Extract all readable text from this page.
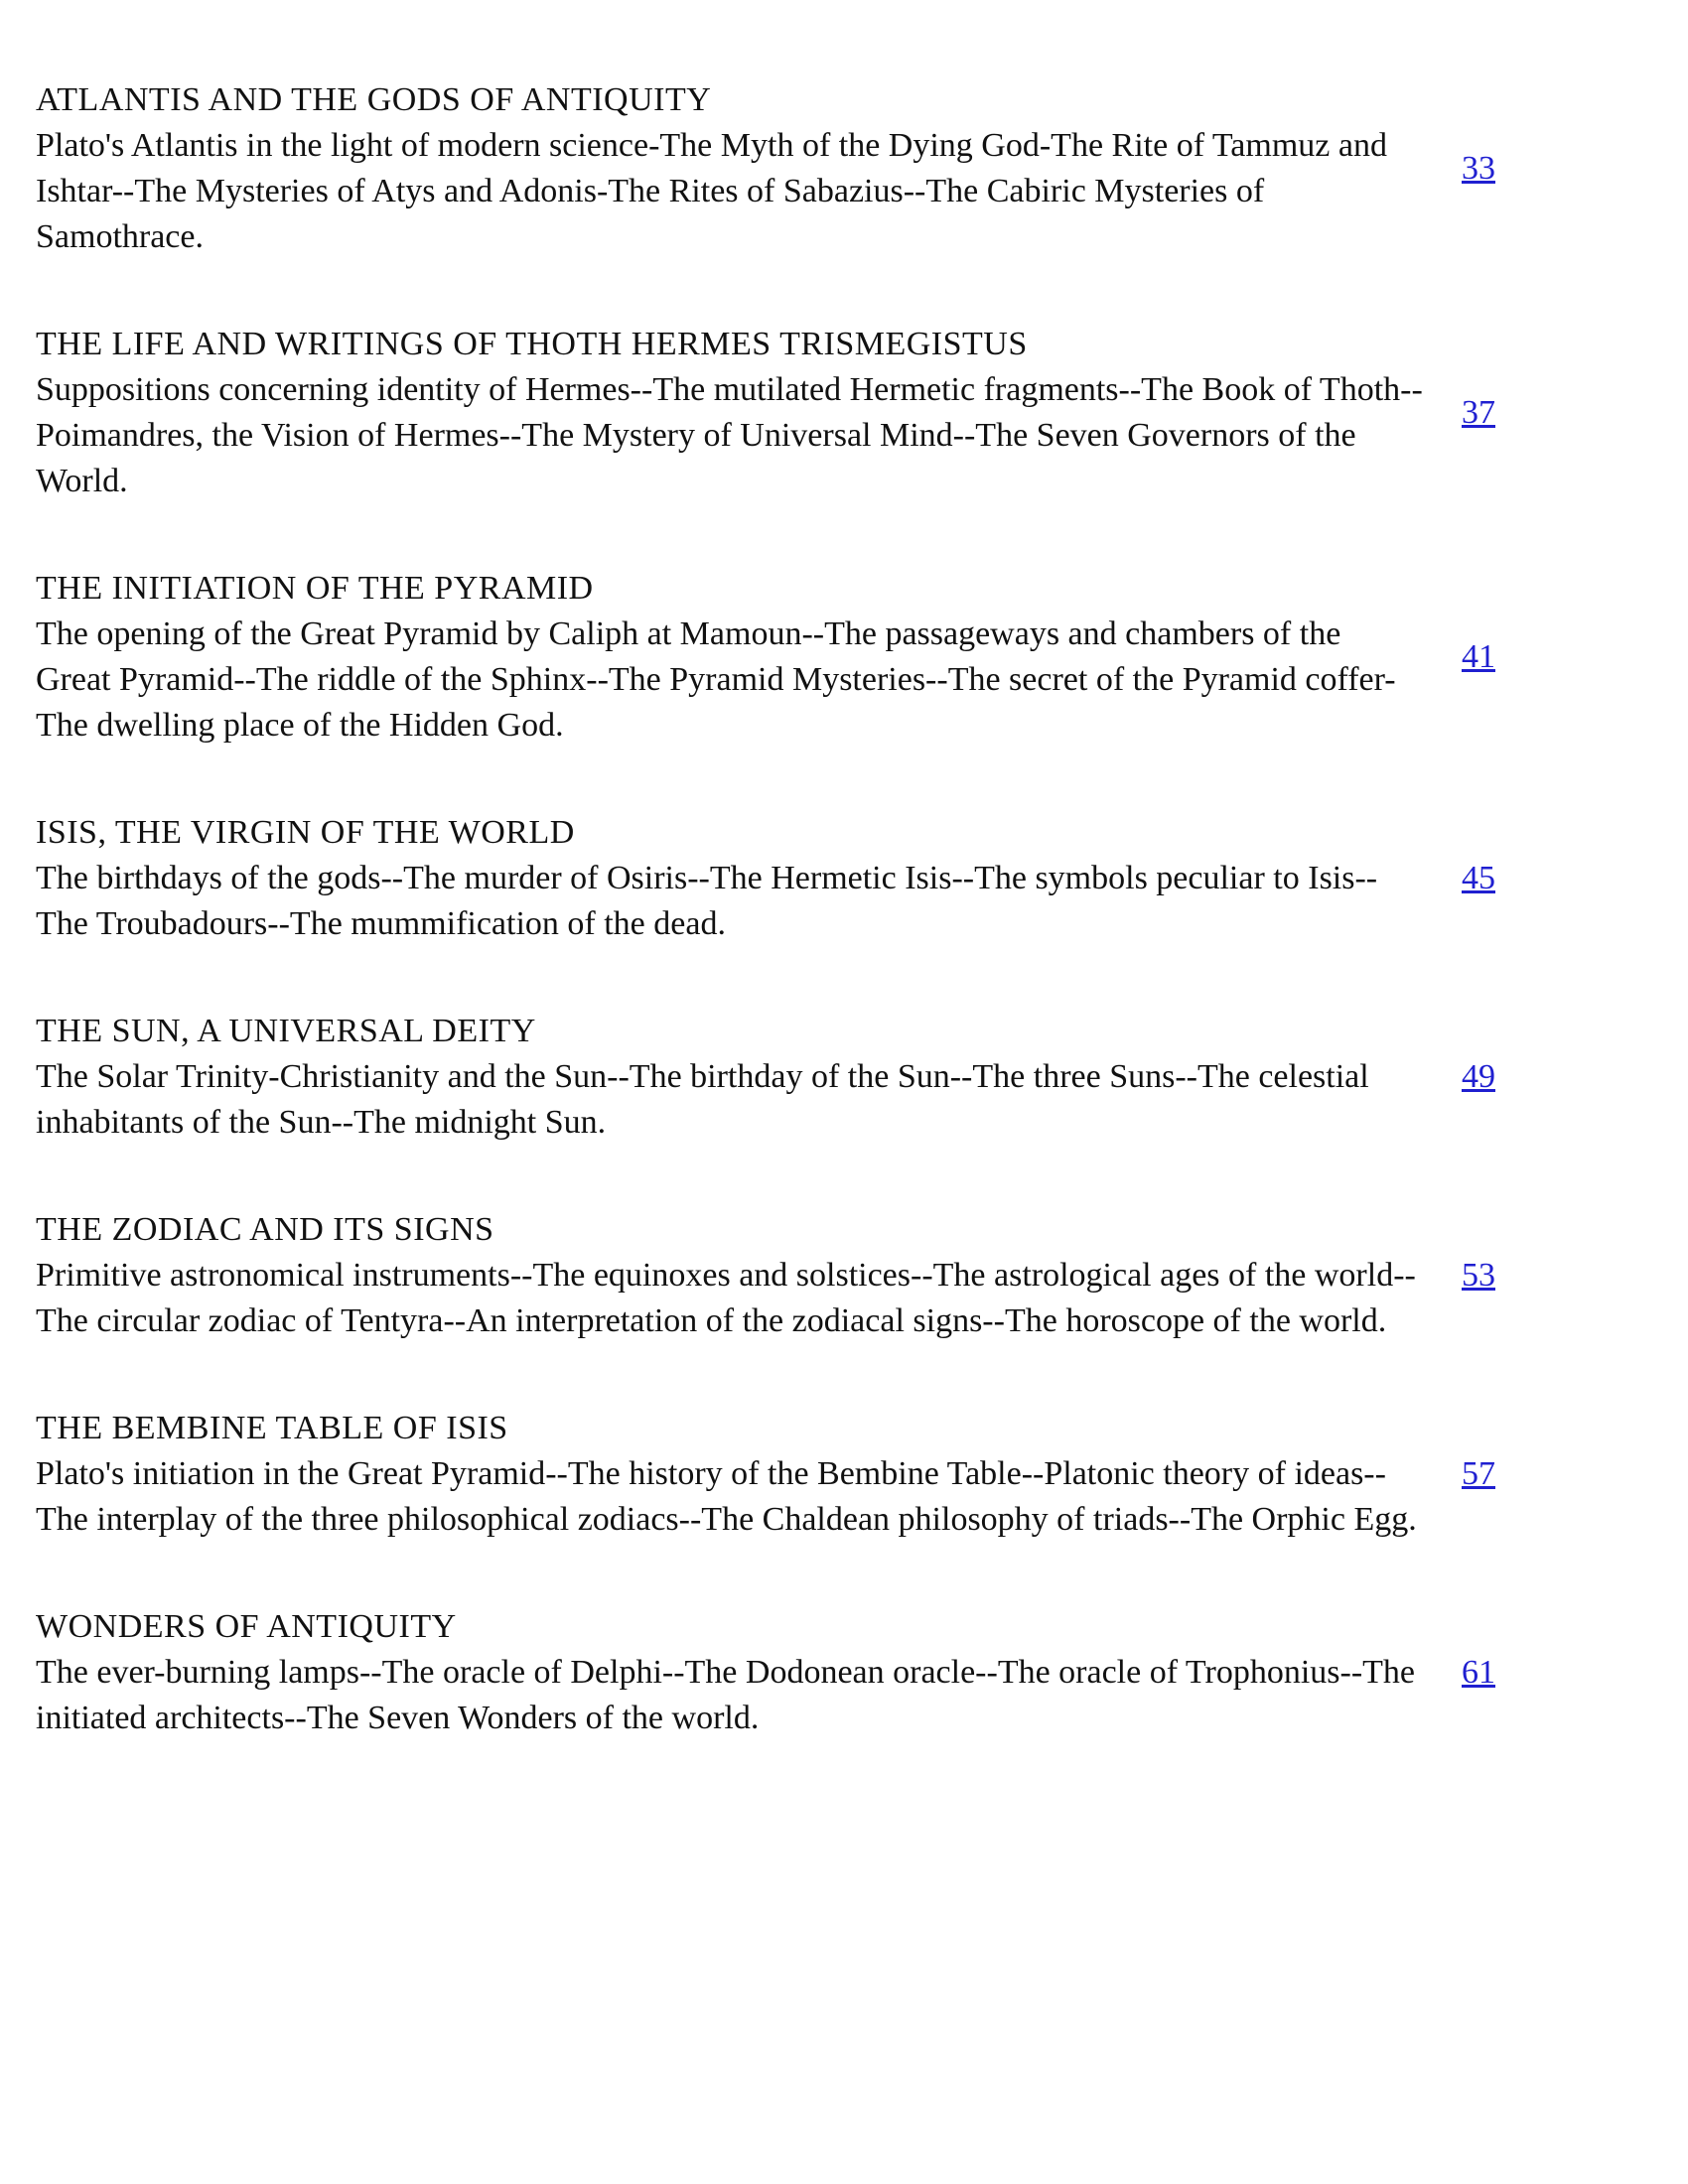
ATLANTIS AND THE GODS OF ANTIQUITY
Plato's Atlantis in the light of modern science-The Myth of the Dying God-The Rite of Tammuz and Ishtar--The Mysteries of Atys and Adonis-The Rites of Sabazius--The Cabiric Mysteries of Samothrace.
33
THE LIFE AND WRITINGS OF THOTH HERMES TRISMEGISTUS
Suppositions concerning identity of Hermes--The mutilated Hermetic fragments--The Book of Thoth--Poimandres, the Vision of Hermes--The Mystery of Universal Mind--The Seven Governors of the World.
37
THE INITIATION OF THE PYRAMID
The opening of the Great Pyramid by Caliph at Mamoun--The passageways and chambers of the Great Pyramid--The riddle of the Sphinx--The Pyramid Mysteries--The secret of the Pyramid coffer-The dwelling place of the Hidden God.
41
ISIS, THE VIRGIN OF THE WORLD
The birthdays of the gods--The murder of Osiris--The Hermetic Isis--The symbols peculiar to Isis--The Troubadours--The mummification of the dead.
45
THE SUN, A UNIVERSAL DEITY
The Solar Trinity-Christianity and the Sun--The birthday of the Sun--The three Suns--The celestial inhabitants of the Sun--The midnight Sun.
49
THE ZODIAC AND ITS SIGNS
Primitive astronomical instruments--The equinoxes and solstices--The astrological ages of the world--The circular zodiac of Tentyra--An interpretation of the zodiacal signs--The horoscope of the world.
53
THE BEMBINE TABLE OF ISIS
Plato's initiation in the Great Pyramid--The history of the Bembine Table--Platonic theory of ideas--The interplay of the three philosophical zodiacs--The Chaldean philosophy of triads--The Orphic Egg.
57
WONDERS OF ANTIQUITY
The ever-burning lamps--The oracle of Delphi--The Dodonean oracle--The oracle of Trophonius--The initiated architects--The Seven Wonders of the world.
61
